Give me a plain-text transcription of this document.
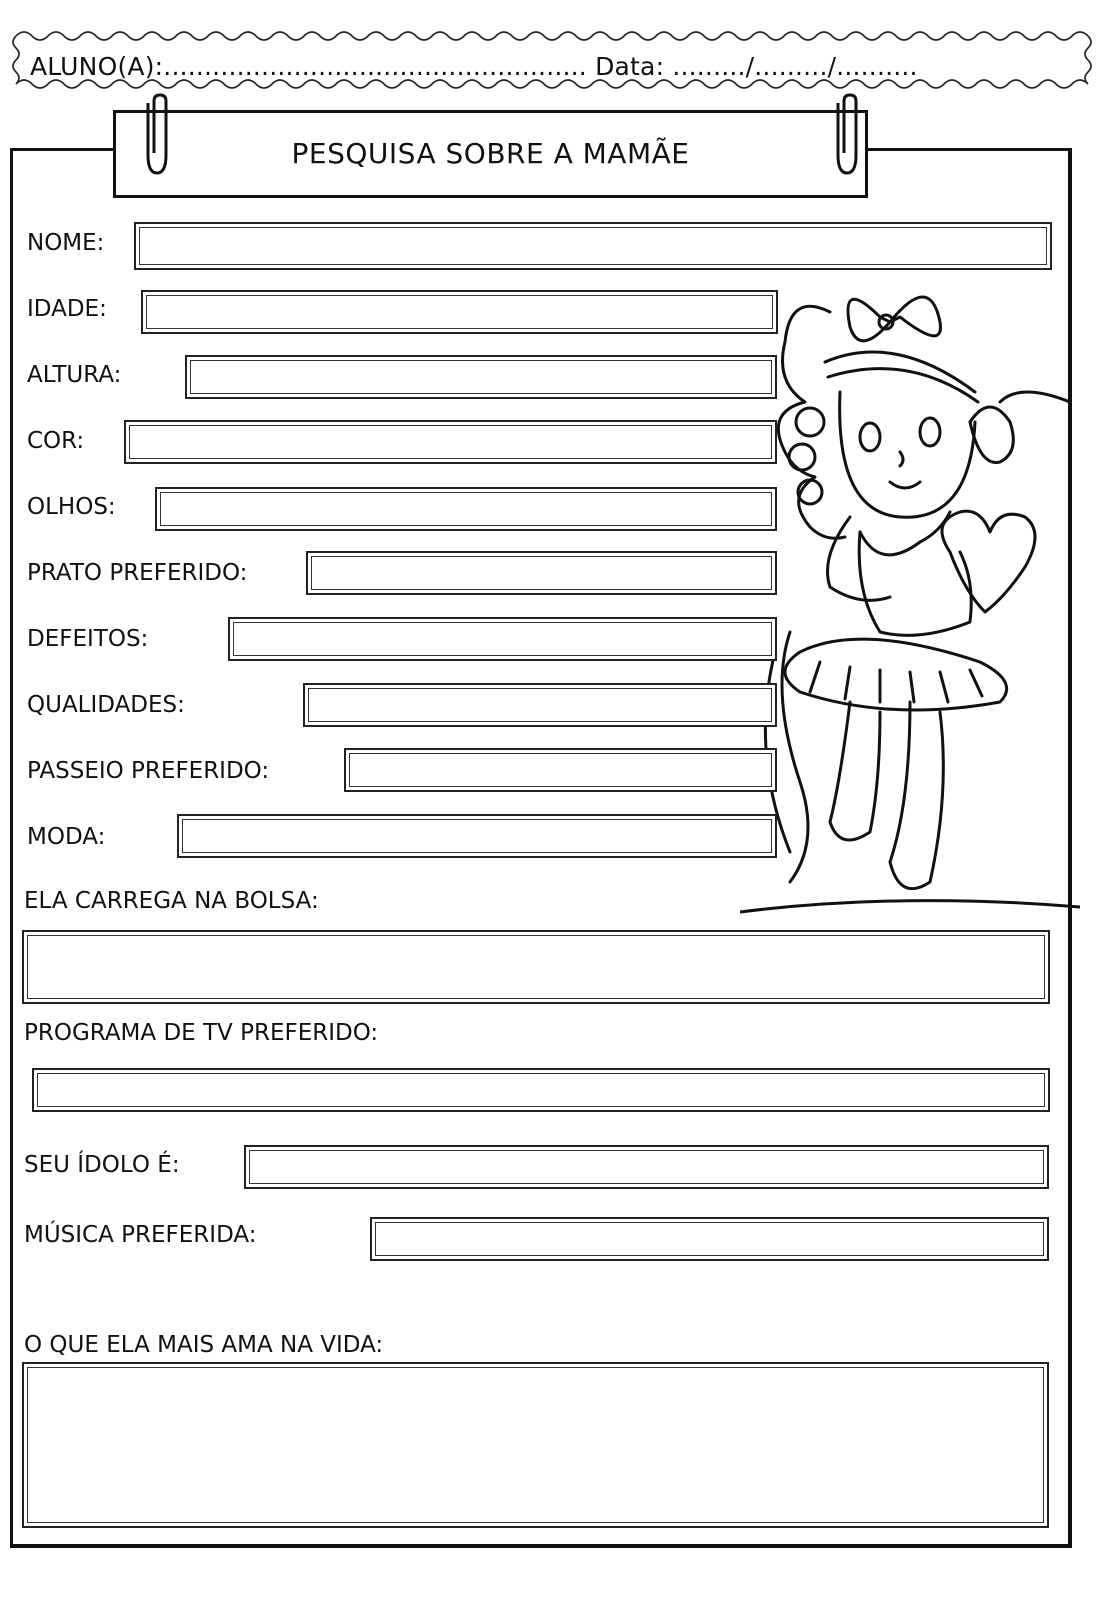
ALUNO(A):.................................................... Data: ........./........./..........
PESQUISA SOBRE A MAMÃE
NOME:
IDADE:
ALTURA:
COR:
OLHOS:
PRATO PREFERIDO:
DEFEITOS:
QUALIDADES:
PASSEIO PREFERIDO:
MODA:
ELA CARREGA NA BOLSA:
PROGRAMA DE TV PREFERIDO:
SEU ÍDOLO É:
MÚSICA PREFERIDA:
O QUE ELA MAIS AMA NA VIDA:
